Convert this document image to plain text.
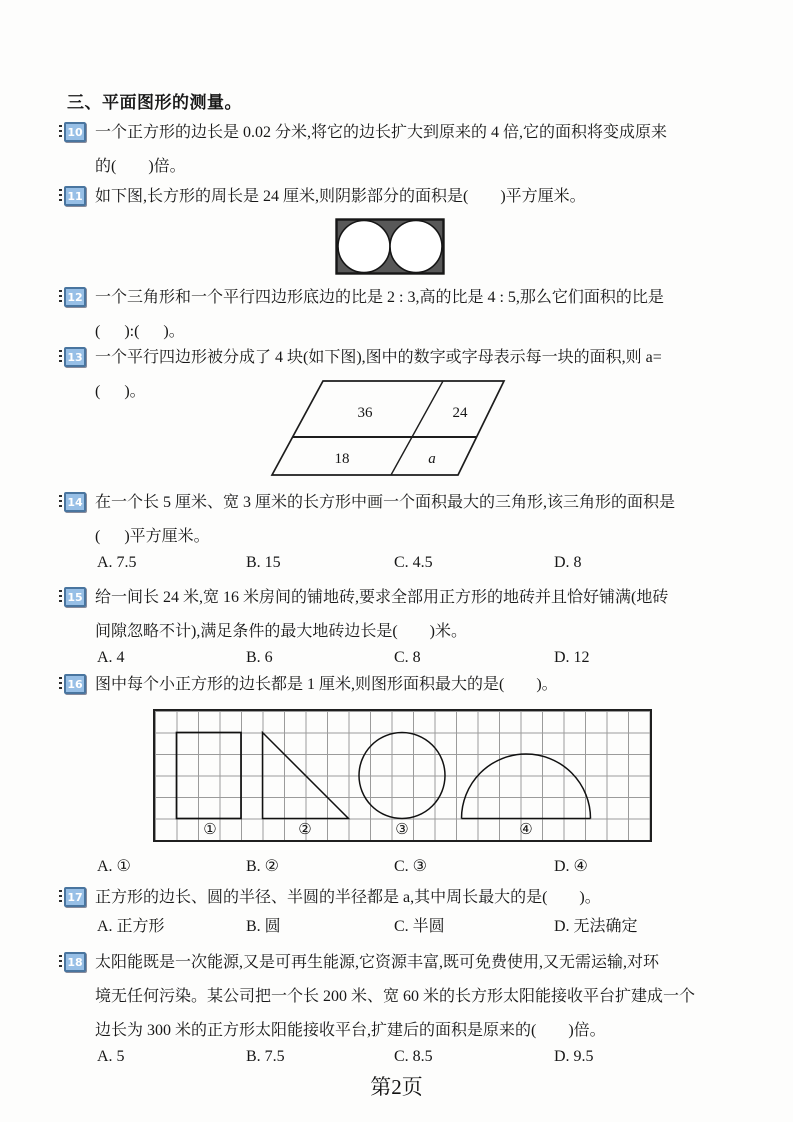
三、平面图形的测量。
10 一个正方形的边长是 0.02 分米,将它的边长扩大到原来的 4 倍,它的面积将变成原来
的(        )倍。
11 如下图,长方形的周长是 24 厘米,则阴影部分的面积是(        )平方厘米。
12 一个三角形和一个平行四边形底边的比是 2 : 3,高的比是 4 : 5,那么它们面积的比是
(      ):(      )。
13 一个平行四边形被分成了 4 块(如下图),图中的数字或字母表示每一块的面积,则 a=
(      )。
36	24
18	a
14 在一个长 5 厘米、宽 3 厘米的长方形中画一个面积最大的三角形,该三角形的面积是
(      )平方厘米。
A. 7.5	B. 15	C. 4.5	D. 8
15 给一间长 24 米,宽 16 米房间的铺地砖,要求全部用正方形的地砖并且恰好铺满(地砖
间隙忽略不计),满足条件的最大地砖边长是(        )米。
A. 4	B. 6	C. 8	D. 12
16 图中每个小正方形的边长都是 1 厘米,则图形面积最大的是(        )。
①	②	③	④
A. ①	B. ②	C. ③	D. ④
17 正方形的边长、圆的半径、半圆的半径都是 a,其中周长最大的是(        )。
A. 正方形	B. 圆	C. 半圆	D. 无法确定
18 太阳能既是一次能源,又是可再生能源,它资源丰富,既可免费使用,又无需运输,对环
境无任何污染。某公司把一个长 200 米、宽 60 米的长方形太阳能接收平台扩建成一个
边长为 300 米的正方形太阳能接收平台,扩建后的面积是原来的(        )倍。
A. 5	B. 7.5	C. 8.5	D. 9.5
第2页
